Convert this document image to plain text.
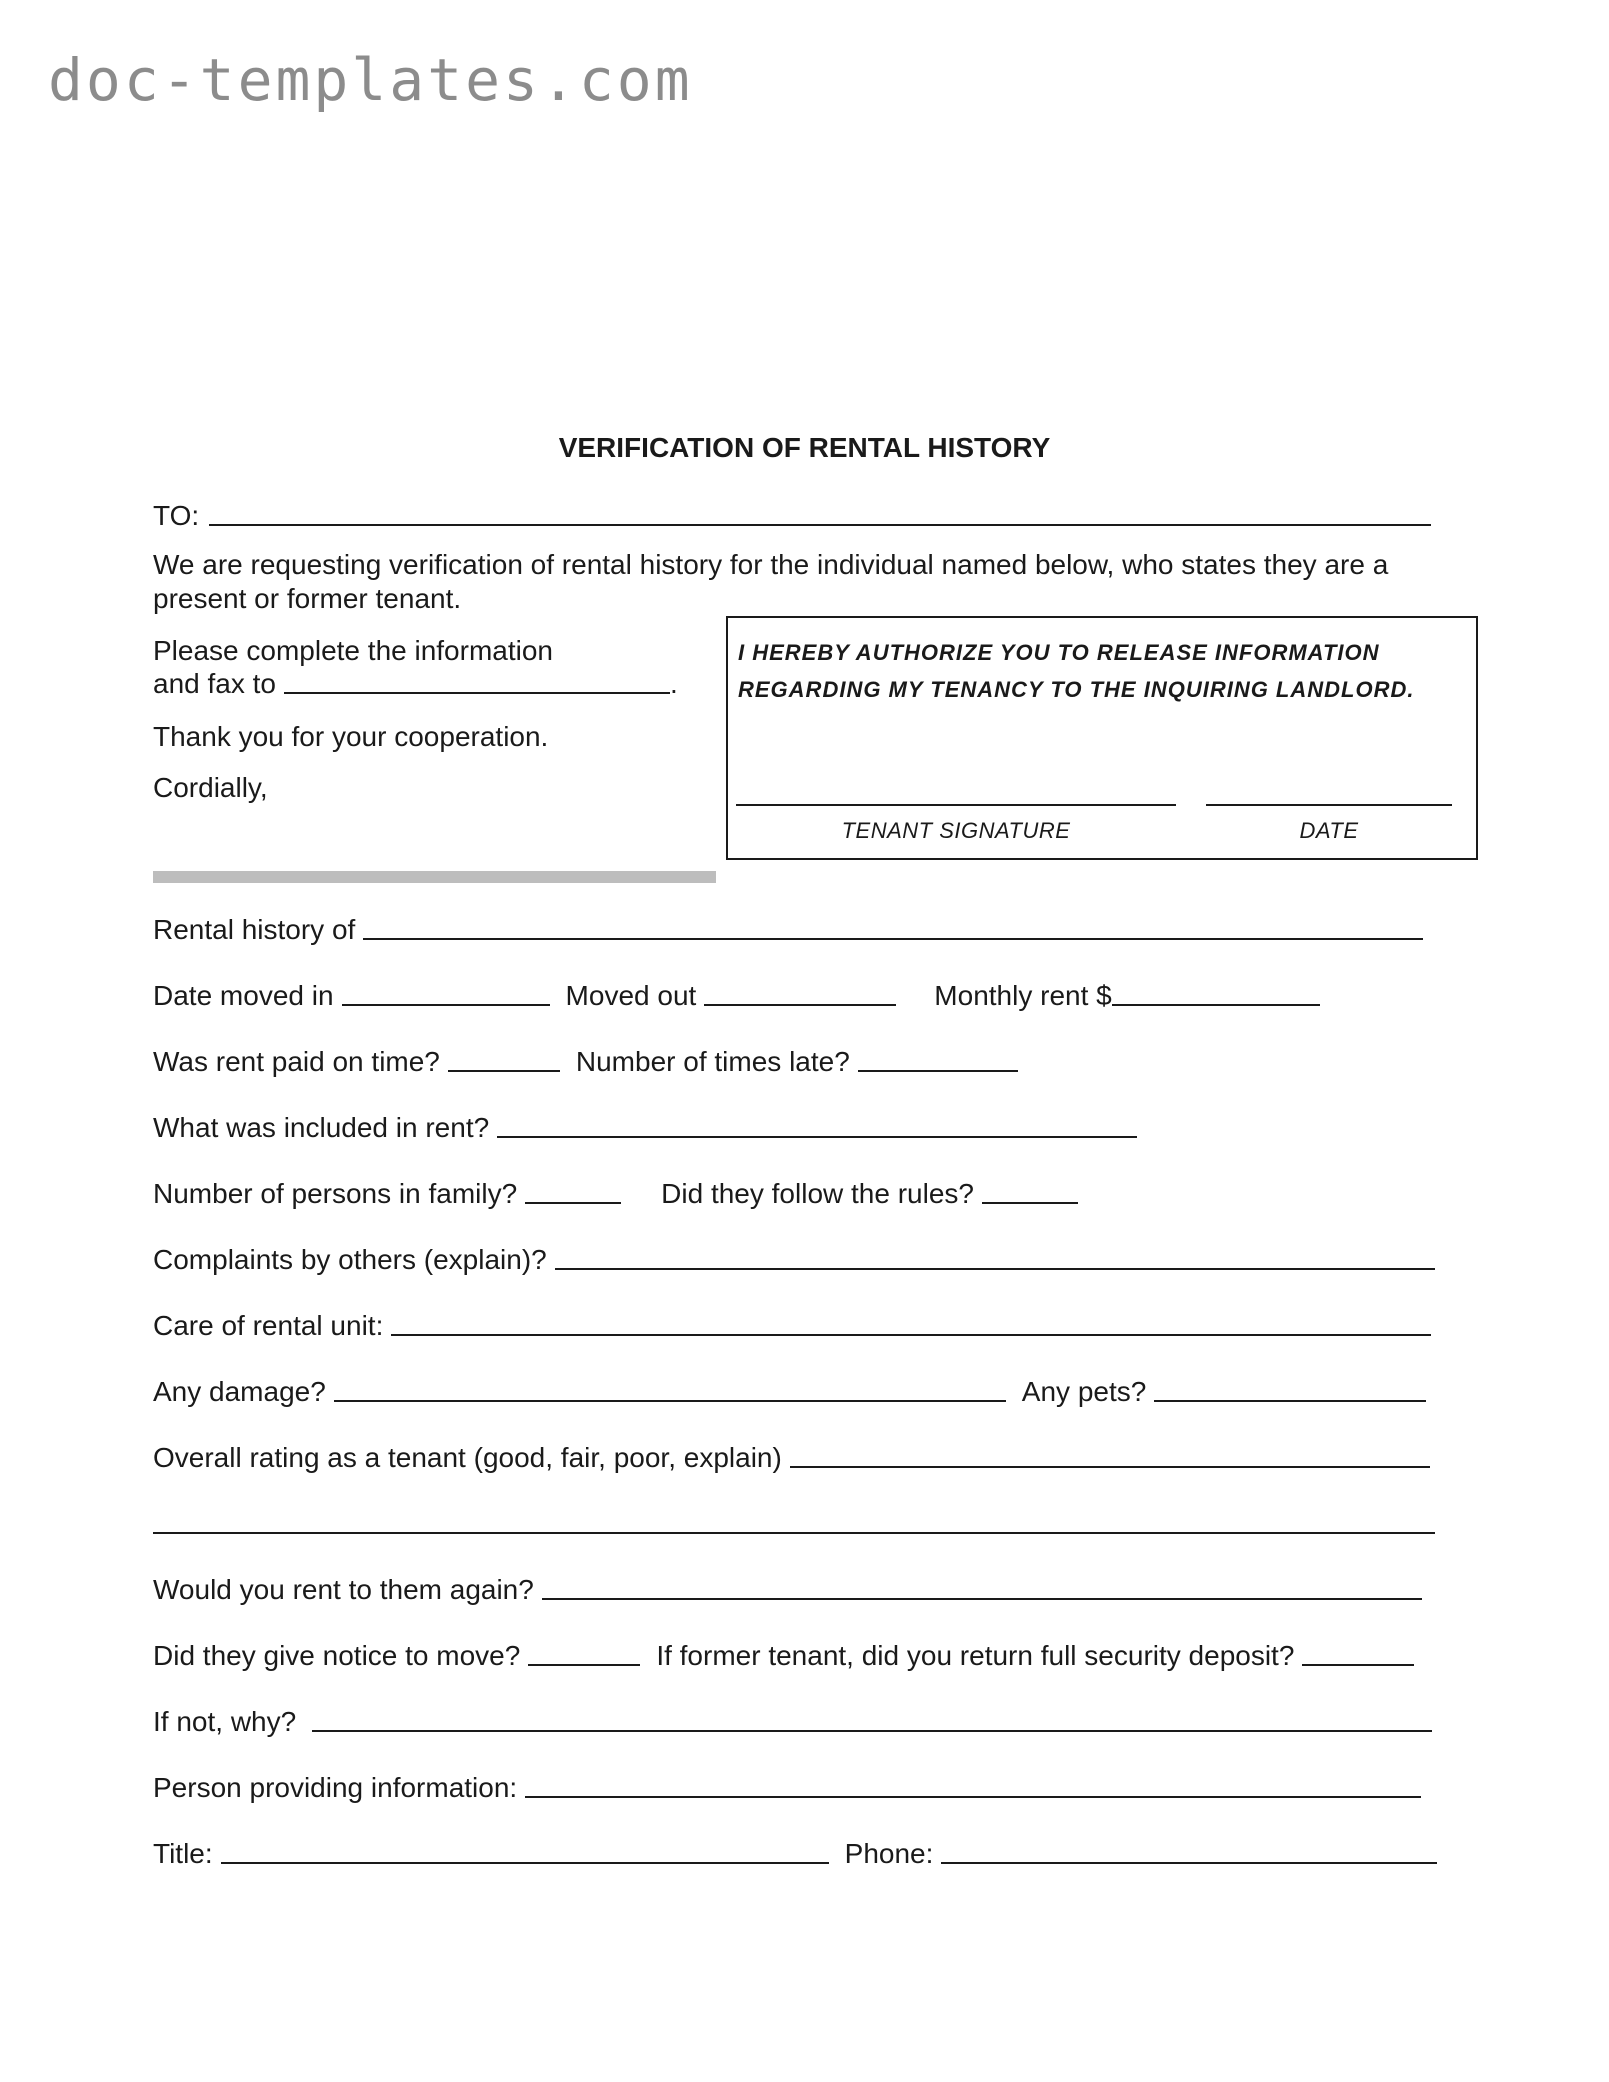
doc-templates.com
VERIFICATION OF RENTAL HISTORY
TO:
We are requesting verification of rental history for the individual named below, who states they are a present or former tenant.
Please complete the information
and fax to	.
Thank you for your cooperation.
Cordially,
I HEREBY AUTHORIZE YOU TO RELEASE INFORMATION
REGARDING MY TENANCY TO THE INQUIRING LANDLORD.
TENANT SIGNATURE	DATE
Rental history of
Date moved in	Moved out	Monthly rent $
Was rent paid on time?	Number of times late?
What was included in rent?
Number of persons in family?	Did they follow the rules?
Complaints by others (explain)?
Care of rental unit:
Any damage?	Any pets?
Overall rating as a tenant (good, fair, poor, explain)
Would you rent to them again?
Did they give notice to move?	If former tenant, did you return full security deposit?
If not, why?
Person providing information:
Title:	Phone:
